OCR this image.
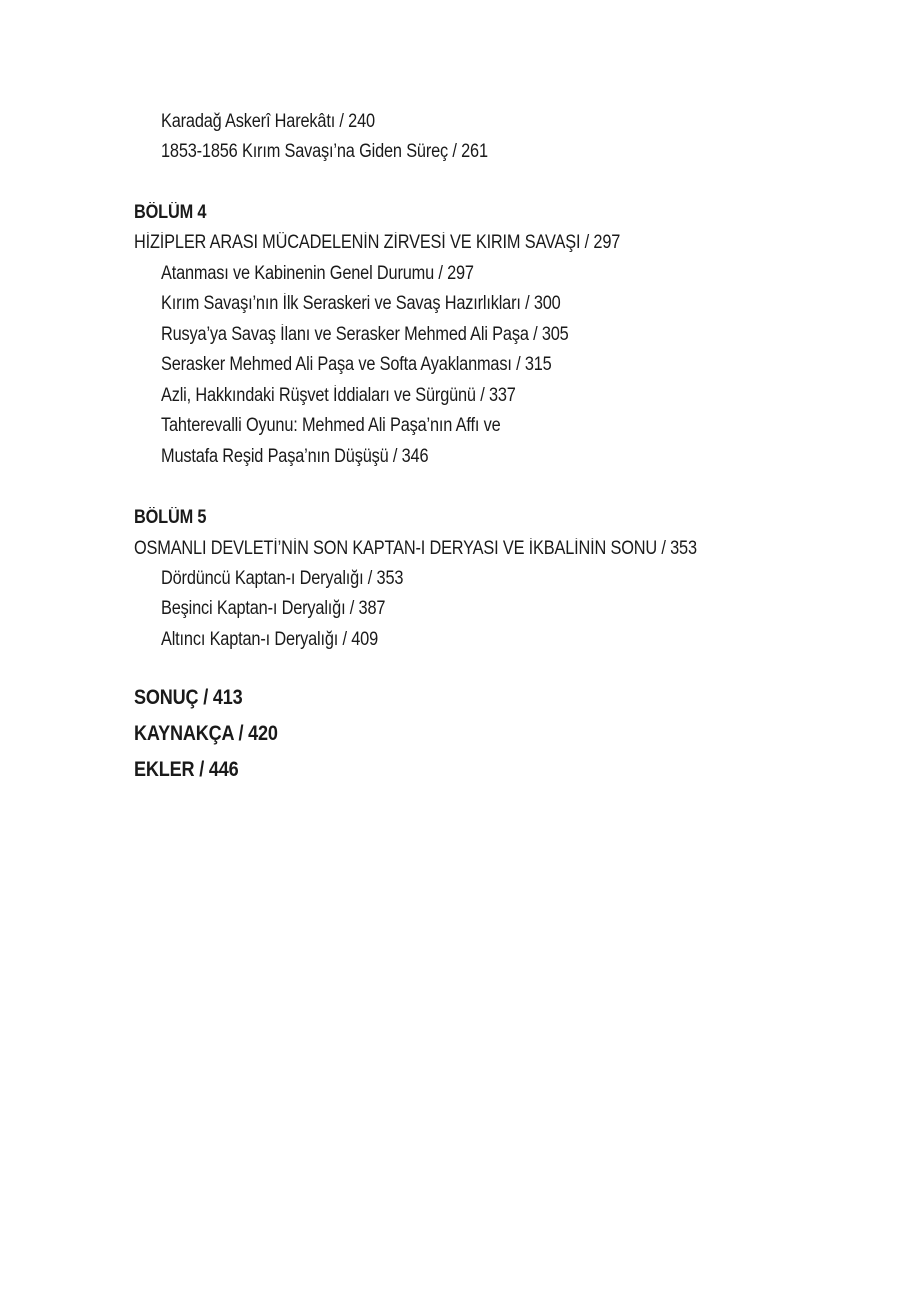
Karadağ Askerî Harekâtı / 240
1853-1856 Kırım Savaşı’na Giden Süreç / 261
BÖLÜM 4
HİZİPLER ARASI MÜCADELENİN ZİRVESİ VE KIRIM SAVAŞI / 297
Atanması ve Kabinenin Genel Durumu / 297
Kırım Savaşı’nın İlk Seraskeri ve Savaş Hazırlıkları / 300
Rusya’ya Savaş İlanı ve Serasker Mehmed Ali Paşa / 305
Serasker Mehmed Ali Paşa ve Softa Ayaklanması / 315
Azli, Hakkındaki Rüşvet İddiaları ve Sürgünü / 337
Tahterevalli Oyunu: Mehmed Ali Paşa’nın Affı ve
Mustafa Reşid Paşa’nın Düşüşü / 346
BÖLÜM 5
OSMANLI DEVLETİ’NİN SON KAPTAN-I DERYASI VE İKBALİNİN SONU / 353
Dördüncü Kaptan-ı Deryalığı / 353
Beşinci Kaptan-ı Deryalığı / 387
Altıncı Kaptan-ı Deryalığı / 409
SONUÇ / 413
KAYNAKÇA / 420
EKLER / 446
